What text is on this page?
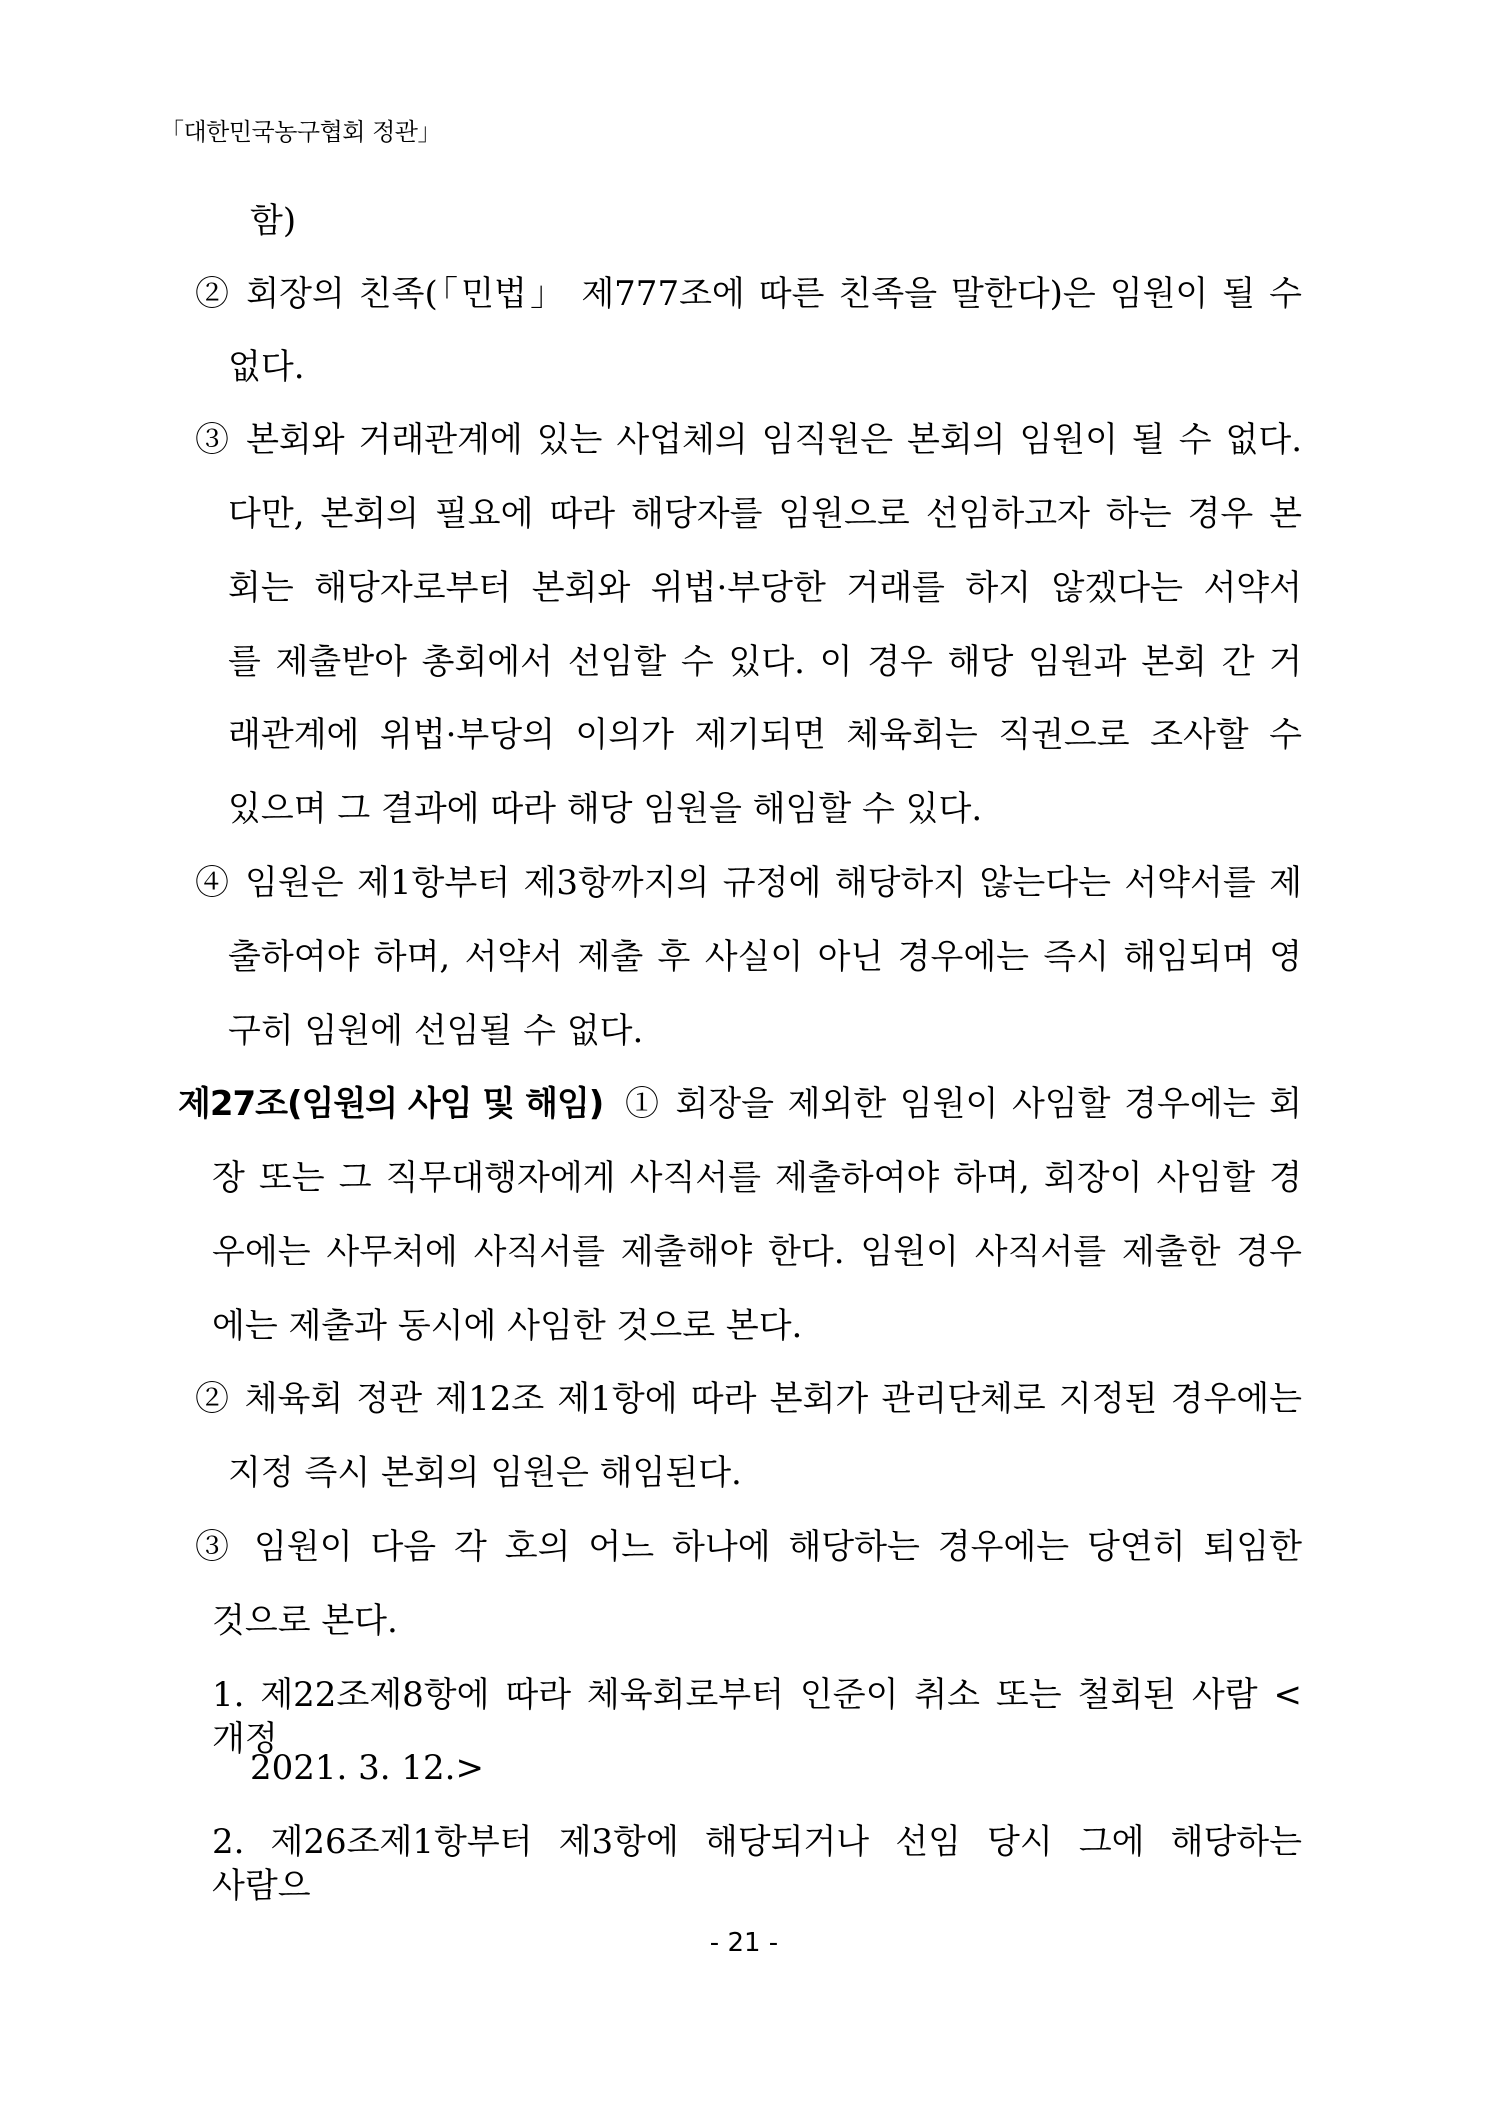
「대한민국농구협회 정관」
함)
② 회장의 친족(「민법」 제777조에 따른 친족을 말한다)은 임원이 될 수
없다.
③ 본회와 거래관계에 있는 사업체의 임직원은 본회의 임원이 될 수 없다.
다만, 본회의 필요에 따라 해당자를 임원으로 선임하고자 하는 경우 본
회는 해당자로부터 본회와 위법·부당한 거래를 하지 않겠다는 서약서
를 제출받아 총회에서 선임할 수 있다. 이 경우 해당 임원과 본회 간 거
래관계에 위법·부당의 이의가 제기되면 체육회는 직권으로 조사할 수
있으며 그 결과에 따라 해당 임원을 해임할 수 있다.
④ 임원은 제1항부터 제3항까지의 규정에 해당하지 않는다는 서약서를 제
출하여야 하며, 서약서 제출 후 사실이 아닌 경우에는 즉시 해임되며 영
구히 임원에 선임될 수 없다.
제27조(임원의 사임 및 해임) ① 회장을 제외한 임원이 사임할 경우에는 회
장 또는 그 직무대행자에게 사직서를 제출하여야 하며, 회장이 사임할 경
우에는 사무처에 사직서를 제출해야 한다. 임원이 사직서를 제출한 경우
에는 제출과 동시에 사임한 것으로 본다.
② 체육회 정관 제12조 제1항에 따라 본회가 관리단체로 지정된 경우에는
지정 즉시 본회의 임원은 해임된다.
③ 임원이 다음 각 호의 어느 하나에 해당하는 경우에는 당연히 퇴임한
것으로 본다.
1. 제22조제8항에 따라 체육회로부터 인준이 취소 또는 철회된 사람 <개정
2021. 3. 12.>
2. 제26조제1항부터 제3항에 해당되거나 선임 당시 그에 해당하는 사람으
- 21 -
